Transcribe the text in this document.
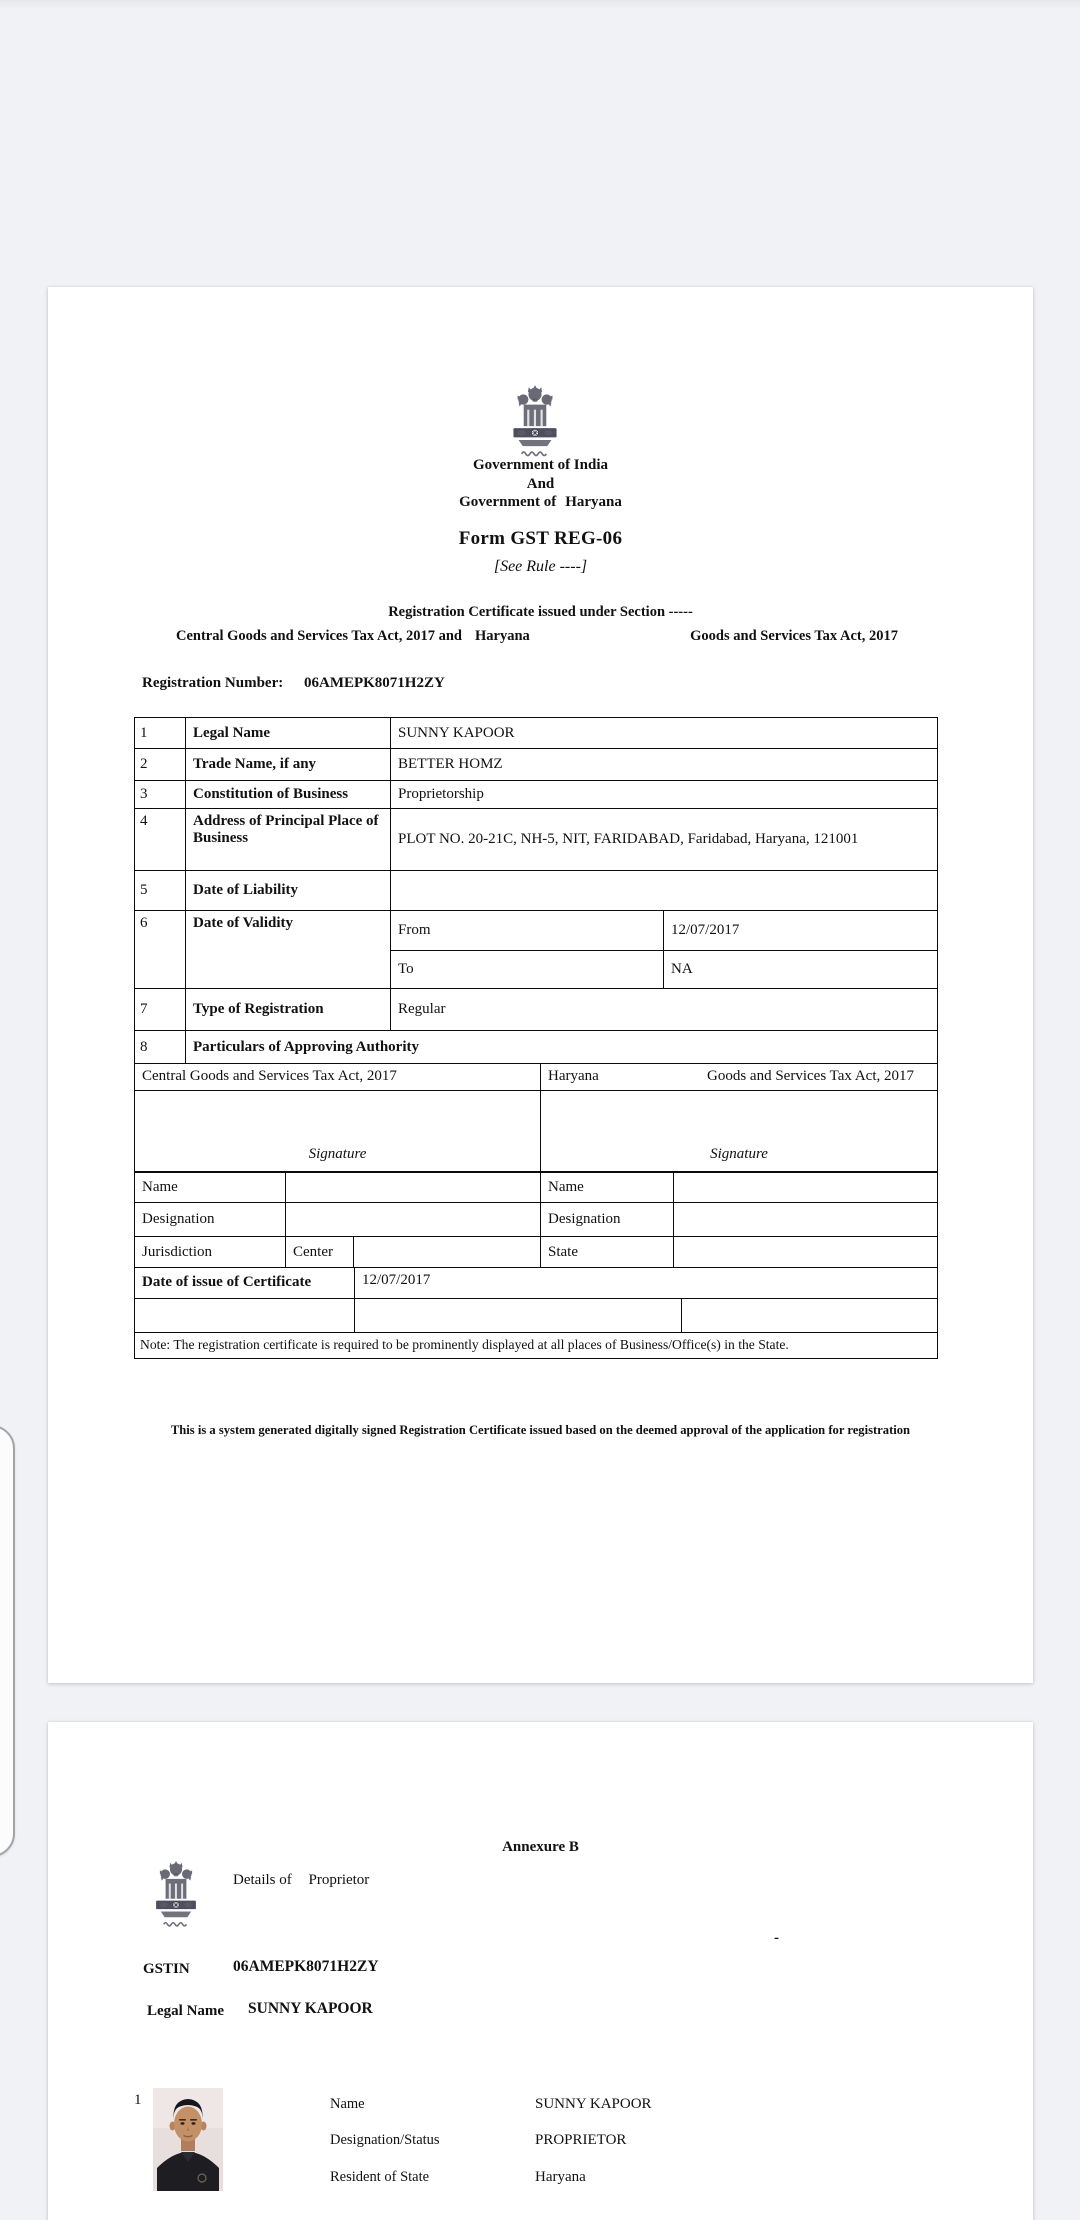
Government of India
And
Government of Haryana
Form GST REG-06
[See Rule ----]
Registration Certificate issued under Section -----
Central Goods and Services Tax Act, 2017 and Haryana	Goods and Services Tax Act, 2017
Registration Number: 06AMEPK8071H2ZY
1	Legal Name	SUNNY KAPOOR	
2	Trade Name, if any	BETTER HOMZ	
3	Constitution of Business	Proprietorship	
4	Address of Principal Place of Business	PLOT NO. 20-21C, NH-5, NIT, FARIDABAD, Faridabad, Haryana, 121001	
5	Date of Liability		
6	Date of Validity	From	12/07/2017
		To	NA
7	Type of Registration	Regular	
8	Particulars of Approving Authority		
Central Goods and Services Tax Act, 2017	Haryana Goods and Services Tax Act, 2017

Signature	Signature
Name			Name	
Designation			Designation	
Jurisdiction	Center		State	
Date of issue of Certificate	12/07/2017	

Note: The registration certificate is required to be prominently displayed at all places of Business/Office(s) in the State.		
This is a system generated digitally signed Registration Certificate issued based on the deemed approval of the application for registration
Annexure B
Details of Proprietor
-
GSTIN	06AMEPK8071H2ZY
Legal Name SUNNY KAPOOR
1	Name	SUNNY KAPOOR
Designation/Status	PROPRIETOR
Resident of State	Haryana
